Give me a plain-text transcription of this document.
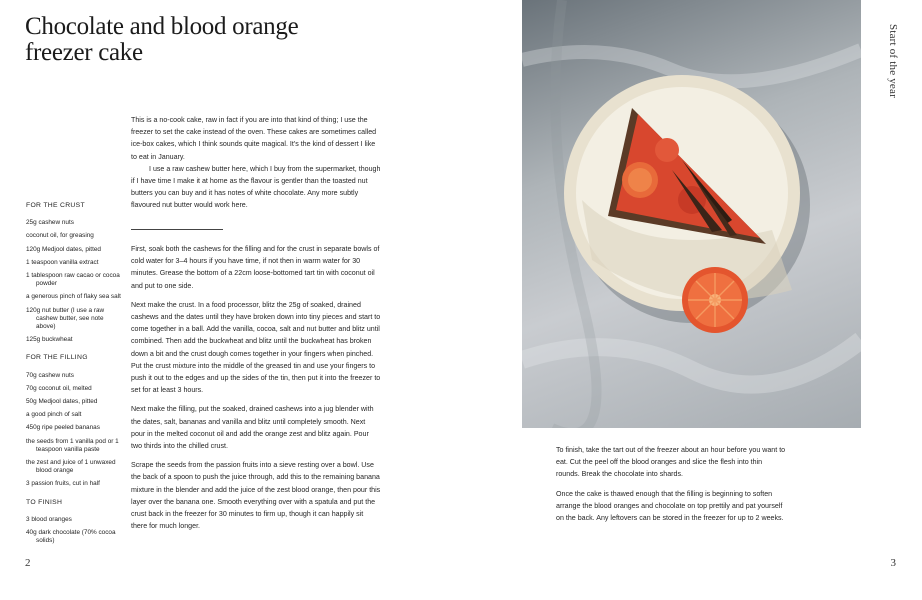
Chocolate and blood orange freezer cake
FOR THE CRUST
25g cashew nuts
coconut oil, for greasing
120g Medjool dates, pitted
1 teaspoon vanilla extract
1 tablespoon raw cacao or cocoa powder
a generous pinch of flaky sea salt
120g nut butter (I use a raw cashew butter, see note above)
125g buckwheat
FOR THE FILLING
70g cashew nuts
70g coconut oil, melted
50g Medjool dates, pitted
a good pinch of salt
450g ripe peeled bananas
the seeds from 1 vanilla pod or 1 teaspoon vanilla paste
the zest and juice of 1 unwaxed blood orange
3 passion fruits, cut in half
TO FINISH
3 blood oranges
40g dark chocolate (70% cocoa solids)

This is a no-cook cake, raw in fact if you are into that kind of thing; I use the freezer to set the cake instead of the oven. These cakes are sometimes called ice-box cakes, which I think sounds quite magical. It's the kind of dessert I like to eat in January.

I use a raw cashew butter here, which I buy from the supermarket, though if I have time I make it at home as the flavour is gentler than the toasted nut butters you can buy and it has notes of white chocolate. Any more subtly flavoured nut butter would work here.

First, soak both the cashews for the filling and for the crust in separate bowls of cold water for 3–4 hours if you have time, if not then in warm water for 30 minutes. Grease the bottom of a 22cm loose-bottomed tart tin with coconut oil and put to one side.

Next make the crust. In a food processor, blitz the 25g of soaked, drained cashews and the dates until they have broken down into tiny pieces and start to come together in a ball. Add the vanilla, cocoa, salt and nut butter and blitz until combined. Then add the buckwheat and blitz until the buckwheat has broken down a bit and the crust dough comes together in your fingers when pinched. Put the crust mixture into the middle of the greased tin and use your fingers to push it out to the edges and up the sides of the tin, then put it into the freezer to set for at least 3 hours.

Next make the filling, put the soaked, drained cashews into a jug blender with the dates, salt, bananas and vanilla and blitz until completely smooth. Next pour in the melted coconut oil and add the orange zest and blitz again. Pour two thirds into the chilled crust.

Scrape the seeds from the passion fruits into a sieve resting over a bowl. Use the back of a spoon to push the juice through, add this to the remaining banana mixture in the blender and add the juice of the zest blood orange, then pour this layer over the banana one. Smooth everything over with a spatula and put the crust back in the freezer for 30 minutes to firm up, though it can happily sit there for much longer.

2
Start of the year

To finish, take the tart out of the freezer about an hour before you want to eat. Cut the peel off the blood oranges and slice the flesh into thin rounds. Break the chocolate into shards.

Once the cake is thawed enough that the filling is beginning to soften arrange the blood oranges and chocolate on top prettily and pat yourself on the back. Any leftovers can be stored in the freezer for up to 2 weeks.

3
